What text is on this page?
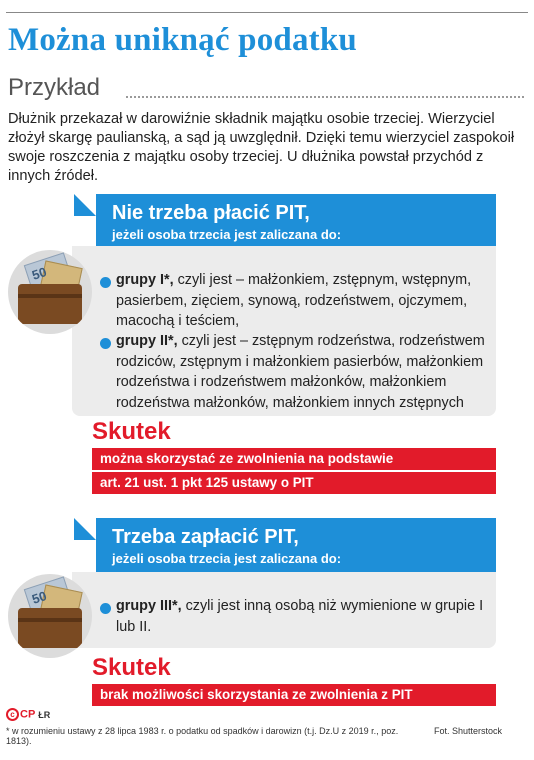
Można uniknąć podatku
Przykład

Dłużnik przekazał w darowiźnie składnik majątku osobie trzeciej. Wierzyciel złożył skargę paulianską, a sąd ją uwzględnił. Dzięki temu wierzyciel zaspokoił swoje roszczenia z majątku osoby trzeciej. U dłużnika powstał przychód z innych źródeł.

Nie trzeba płacić PIT,
jeżeli osoba trzecia jest zaliczana do:
50	grupy I*, czyli jest – małżonkiem, zstępnym, wstępnym, pasierbem, zięciem, synową, rodzeństwem, ojczymem, macochą i teściem,
grupy II*, czyli jest – zstępnym rodzeństwa, rodzeństwem rodziców, zstępnym i małżonkiem pasierbów, małżonkiem rodzeństwa i rodzeństwem małżonków, małżonkiem rodzeństwa małżonków, małżonkiem innych zstępnych
Skutek
można skorzystać ze zwolnienia na podstawie
art. 21 ust. 1 pkt 125 ustawy o PIT
Trzeba zapłacić PIT,
jeżeli osoba trzecia jest zaliczana do:
50	grupy III*, czyli jest inną osobą niż wymienione w grupie I lub II.
Skutek
brak możliwości skorzystania ze zwolnienia z PIT
c CP ŁR
* w rozumieniu ustawy z 28 lipca 1983 r. o podatku od spadków i darowizn (t.j. Dz.U z 2019 r., poz. 1813).
Fot. Shutterstock
